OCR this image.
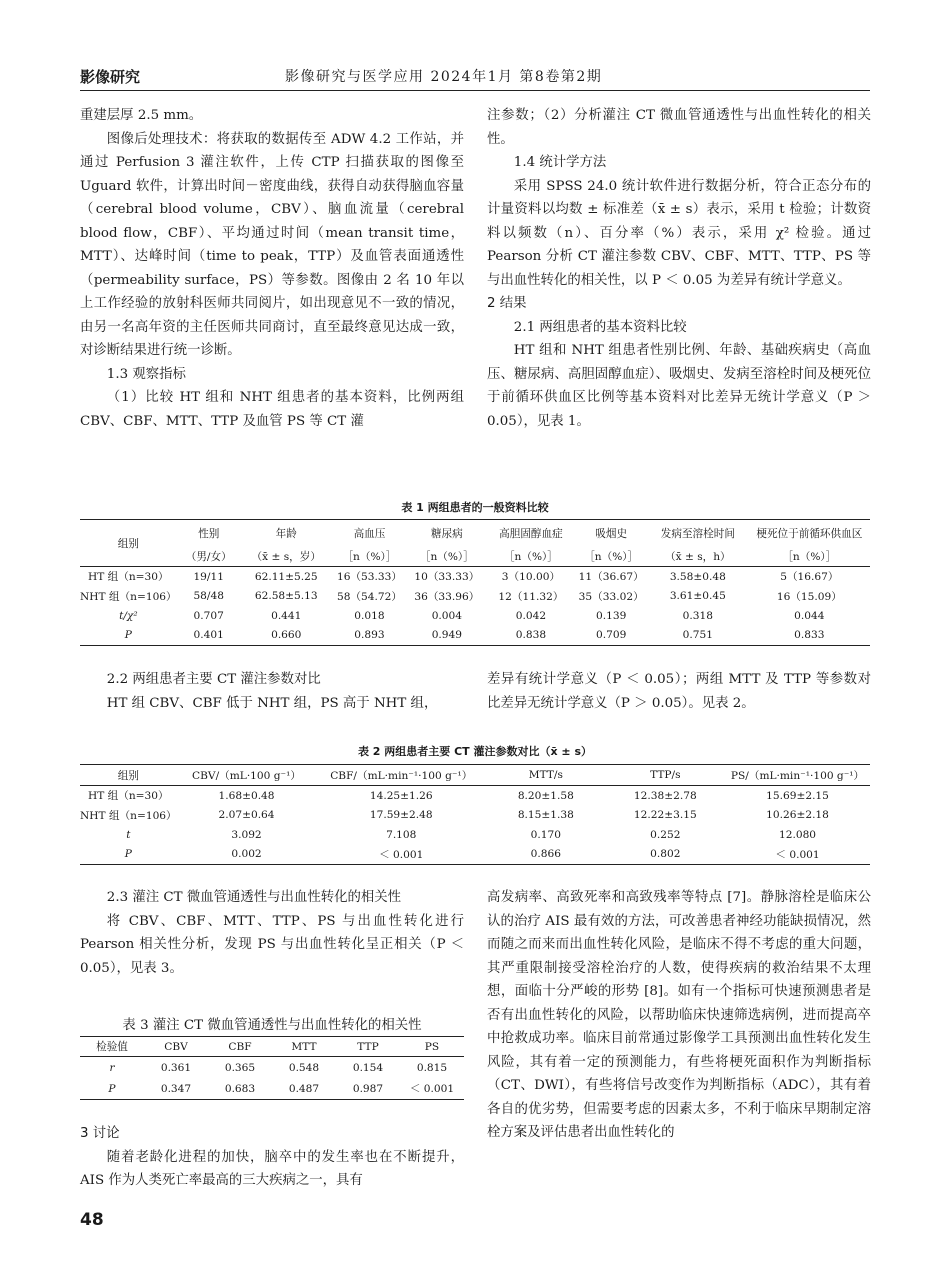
影像研究	影像研究与医学应用 2024年1月 第8卷第2期

重建层厚 2.5 mm。

图像后处理技术：将获取的数据传至 ADW 4.2 工作站，并通过 Perfusion 3 灌注软件，上传 CTP 扫描获取的图像至 Uguard 软件，计算出时间－密度曲线，获得自动获得脑血容量（cerebral blood volume，CBV）、脑血流量（cerebral blood flow，CBF）、平均通过时间（mean transit time，MTT）、达峰时间（time to peak，TTP）及血管表面通透性（permeability surface，PS）等参数。图像由 2 名 10 年以上工作经验的放射科医师共同阅片，如出现意见不一致的情况，由另一名高年资的主任医师共同商讨，直至最终意见达成一致，对诊断结果进行统一诊断。

1.3 观察指标

（1）比较 HT 组和 NHT 组患者的基本资料，比例两组 CBV、CBF、MTT、TTP 及血管 PS 等 CT 灌

注参数；（2）分析灌注 CT 微血管通透性与出血性转化的相关性。

1.4 统计学方法

采用 SPSS 24.0 统计软件进行数据分析，符合正态分布的计量资料以均数 ± 标准差（x̄ ± s）表示，采用 t 检验；计数资料以频数（n）、百分率（%）表示，采用 χ² 检验。通过 Pearson 分析 CT 灌注参数 CBV、CBF、MTT、TTP、PS 等与出血性转化的相关性，以 P ＜ 0.05 为差异有统计学意义。

2 结果

2.1 两组患者的基本资料比较

HT 组和 NHT 组患者性别比例、年龄、基础疾病史（高血压、糖尿病、高胆固醇血症）、吸烟史、发病至溶栓时间及梗死位于前循环供血区比例等基本资料对比差异无统计学意义（P ＞ 0.05），见表 1。

表 1 两组患者的一般资料比较
组别	性别	年龄	高血压	糖尿病	高胆固醇血症	吸烟史	发病至溶栓时间	梗死位于前循环供血区
	（男/女）	（x̄ ± s，岁）	［n（%）］	［n（%）］	［n（%）］	［n（%）］	（x̄ ± s，h）	［n（%）］
HT 组（n=30）	19/11	62.11±5.25	16（53.33）	10（33.33）	3（10.00）	11（36.67）	3.58±0.48	5（16.67）
NHT 组（n=106）	58/48	62.58±5.13	58（54.72）	36（33.96）	12（11.32）	35（33.02）	3.61±0.45	16（15.09）
t/χ²	0.707	0.441	0.018	0.004	0.042	0.139	0.318	0.044
P	0.401	0.660	0.893	0.949	0.838	0.709	0.751	0.833

2.2 两组患者主要 CT 灌注参数对比

HT 组 CBV、CBF 低于 NHT 组，PS 高于 NHT 组，

差异有统计学意义（P ＜ 0.05）；两组 MTT 及 TTP 等参数对比差异无统计学意义（P ＞ 0.05）。见表 2。

表 2 两组患者主要 CT 灌注参数对比（x̄ ± s）
组别	CBV/（mL·100 g⁻¹）	CBF/（mL·min⁻¹·100 g⁻¹）	MTT/s	TTP/s	PS/（mL·min⁻¹·100 g⁻¹）
HT 组（n=30）	1.68±0.48	14.25±1.26	8.20±1.58	12.38±2.78	15.69±2.15
NHT 组（n=106）	2.07±0.64	17.59±2.48	8.15±1.38	12.22±3.15	10.26±2.18
t	3.092	7.108	0.170	0.252	12.080
P	0.002	＜ 0.001	0.866	0.802	＜ 0.001

2.3 灌注 CT 微血管通透性与出血性转化的相关性

将 CBV、CBF、MTT、TTP、PS 与出血性转化进行 Pearson 相关性分析，发现 PS 与出血性转化呈正相关（P ＜ 0.05），见表 3。

表 3 灌注 CT 微血管通透性与出血性转化的相关性
检验值	CBV	CBF	MTT	TTP	PS
r	0.361	0.365	0.548	0.154	0.815
P	0.347	0.683	0.487	0.987	＜ 0.001

3 讨论

随着老龄化进程的加快，脑卒中的发生率也在不断提升，AIS 作为人类死亡率最高的三大疾病之一，具有

高发病率、高致死率和高致残率等特点 [7]。静脉溶栓是临床公认的治疗 AIS 最有效的方法，可改善患者神经功能缺损情况，然而随之而来而出血性转化风险，是临床不得不考虑的重大问题，其严重限制接受溶栓治疗的人数，使得疾病的救治结果不太理想，面临十分严峻的形势 [8]。如有一个指标可快速预测患者是否有出血性转化的风险，以帮助临床快速筛选病例，进而提高卒中抢救成功率。临床目前常通过影像学工具预测出血性转化发生风险，其有着一定的预测能力，有些将梗死面积作为判断指标（CT、DWI），有些将信号改变作为判断指标（ADC），其有着各自的优劣势，但需要考虑的因素太多，不利于临床早期制定溶栓方案及评估患者出血性转化的

48
